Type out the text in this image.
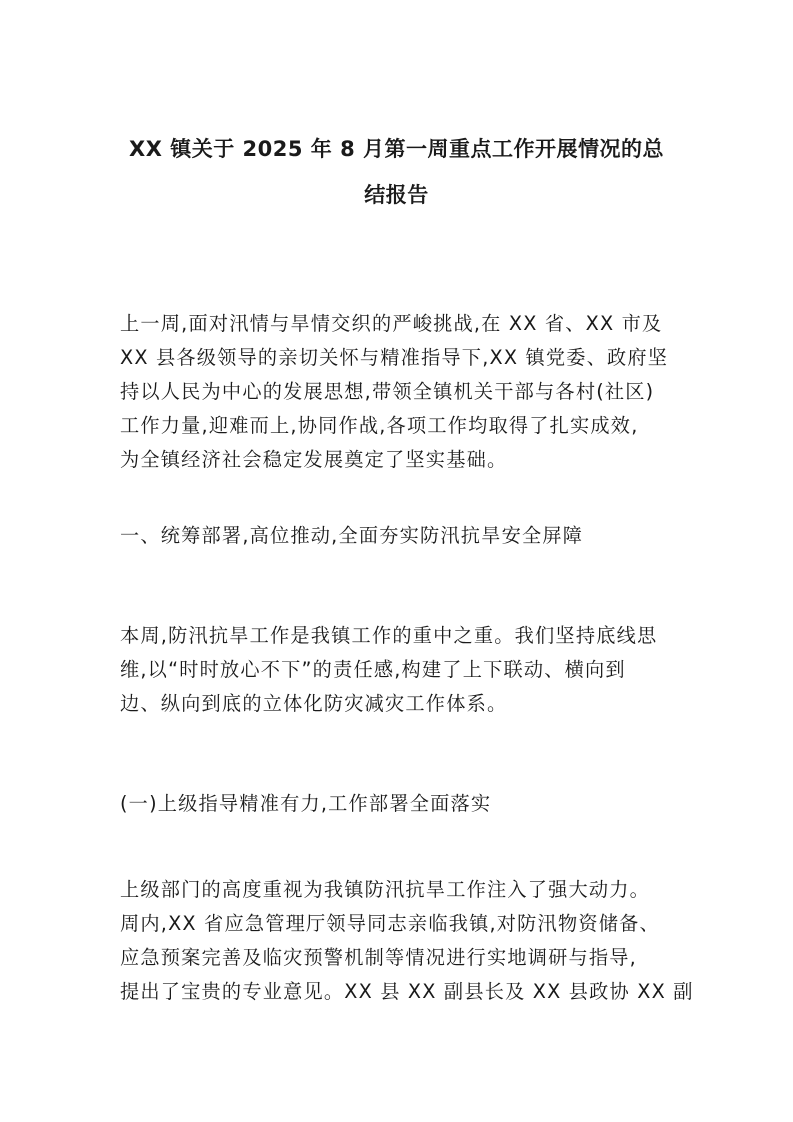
XX 镇关于 2025 年 8 月第一周重点工作开展情况的总
结报告
上一周,面对汛情与旱情交织的严峻挑战,在 XX 省、XX 市及
XX 县各级领导的亲切关怀与精准指导下,XX 镇党委、政府坚
持以人民为中心的发展思想,带领全镇机关干部与各村(社区)
工作力量,迎难而上,协同作战,各项工作均取得了扎实成效,
为全镇经济社会稳定发展奠定了坚实基础。
一、统筹部署,高位推动,全面夯实防汛抗旱安全屏障
本周,防汛抗旱工作是我镇工作的重中之重。我们坚持底线思
维,以“时时放心不下”的责任感,构建了上下联动、横向到
边、纵向到底的立体化防灾减灾工作体系。
(一)上级指导精准有力,工作部署全面落实
上级部门的高度重视为我镇防汛抗旱工作注入了强大动力。
周内,XX 省应急管理厅领导同志亲临我镇,对防汛物资储备、
应急预案完善及临灾预警机制等情况进行实地调研与指导,
提出了宝贵的专业意见。XX 县 XX 副县长及 XX 县政协 XX 副
